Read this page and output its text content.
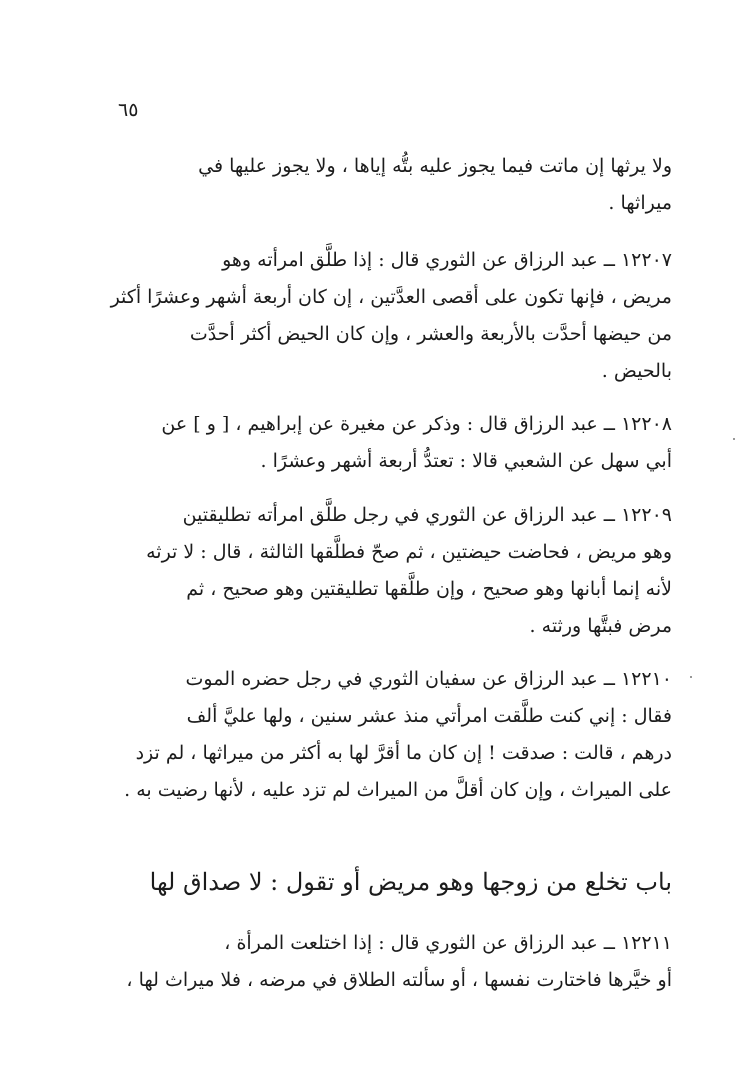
٦٥
ولا يرثها إن ماتت فيما يجوز عليه بتُّه إياها ، ولا يجوز عليها في
ميراثها .
١٢٢٠٧ ــ عبد الرزاق عن الثوري قال : إذا طلَّق امرأته وهو
مريض ، فإنها تكون على أقصى العدَّتين ، إن كان أربعة أشهر وعشرًا أكثر
من حيضها أحدَّت بالأربعة والعشر ، وإن كان الحيض أكثر أحدَّت
بالحيض .
١٢٢٠٨ ــ عبد الرزاق قال : وذكر عن مغيرة عن إبراهيم ، [ و ] عن
أبي سهل عن الشعبي قالا : تعتدُّ أربعة أشهر وعشرًا .
١٢٢٠٩ ــ عبد الرزاق عن الثوري في رجل طلَّق امرأته تطليقتين
وهو مريض ، فحاضت حيضتين ، ثم صحّ فطلَّقها الثالثة ، قال : لا ترثه
لأنه إنما أبانها وهو صحيح ، وإن طلَّقها تطليقتين وهو صحيح ، ثم
مرض فبتَّها ورثته .
١٢٢١٠ ــ عبد الرزاق عن سفيان الثوري في رجل حضره الموت
فقال : إني كنت طلَّقت امرأتي منذ عشر سنين ، ولها عليَّ ألف
درهم ، قالت : صدقت ! إن كان ما أقرَّ لها به أكثر من ميراثها ، لم تزد
على الميراث ، وإن كان أقلَّ من الميراث لم تزد عليه ، لأنها رضيت به .
باب تخلع من زوجها وهو مريض أو تقول : لا صداق لها
١٢٢١١ ــ عبد الرزاق عن الثوري قال : إذا اختلعت المرأة ،
أو خيَّرها فاختارت نفسها ، أو سألته الطلاق في مرضه ، فلا ميراث لها ،
